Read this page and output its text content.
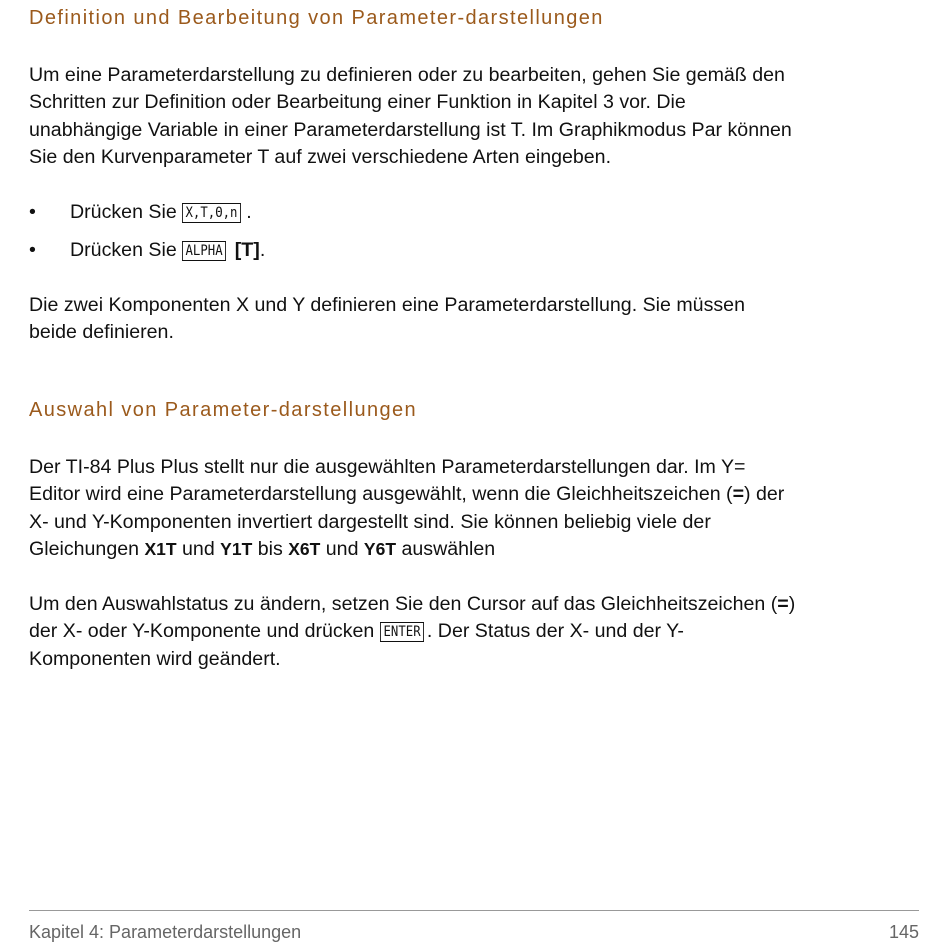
Definition und Bearbeitung von Parameter-darstellungen

Um eine Parameterdarstellung zu definieren oder zu bearbeiten, gehen Sie gemäß den
Schritten zur Definition oder Bearbeitung einer Funktion in Kapitel 3 vor. Die
unabhängige Variable in einer Parameterdarstellung ist T. Im Graphikmodus Par können
Sie den Kurvenparameter T auf zwei verschiedene Arten eingeben.

• Drücken Sie X,T,Θ,n .
• Drücken Sie ALPHA [T].

Die zwei Komponenten X und Y definieren eine Parameterdarstellung. Sie müssen
beide definieren.

Auswahl von Parameter-darstellungen

Der TI-84 Plus Plus stellt nur die ausgewählten Parameterdarstellungen dar. Im Y=
Editor wird eine Parameterdarstellung ausgewählt, wenn die Gleichheitszeichen (=) der
X- und Y-Komponenten invertiert dargestellt sind. Sie können beliebig viele der
Gleichungen X1T und Y1T bis X6T und Y6T auswählen

Um den Auswahlstatus zu ändern, setzen Sie den Cursor auf das Gleichheitszeichen (=)
der X- oder Y-Komponente und drücken ENTER . Der Status der X- und der Y-
Komponenten wird geändert.

Kapitel 4: Parameterdarstellungen	145
